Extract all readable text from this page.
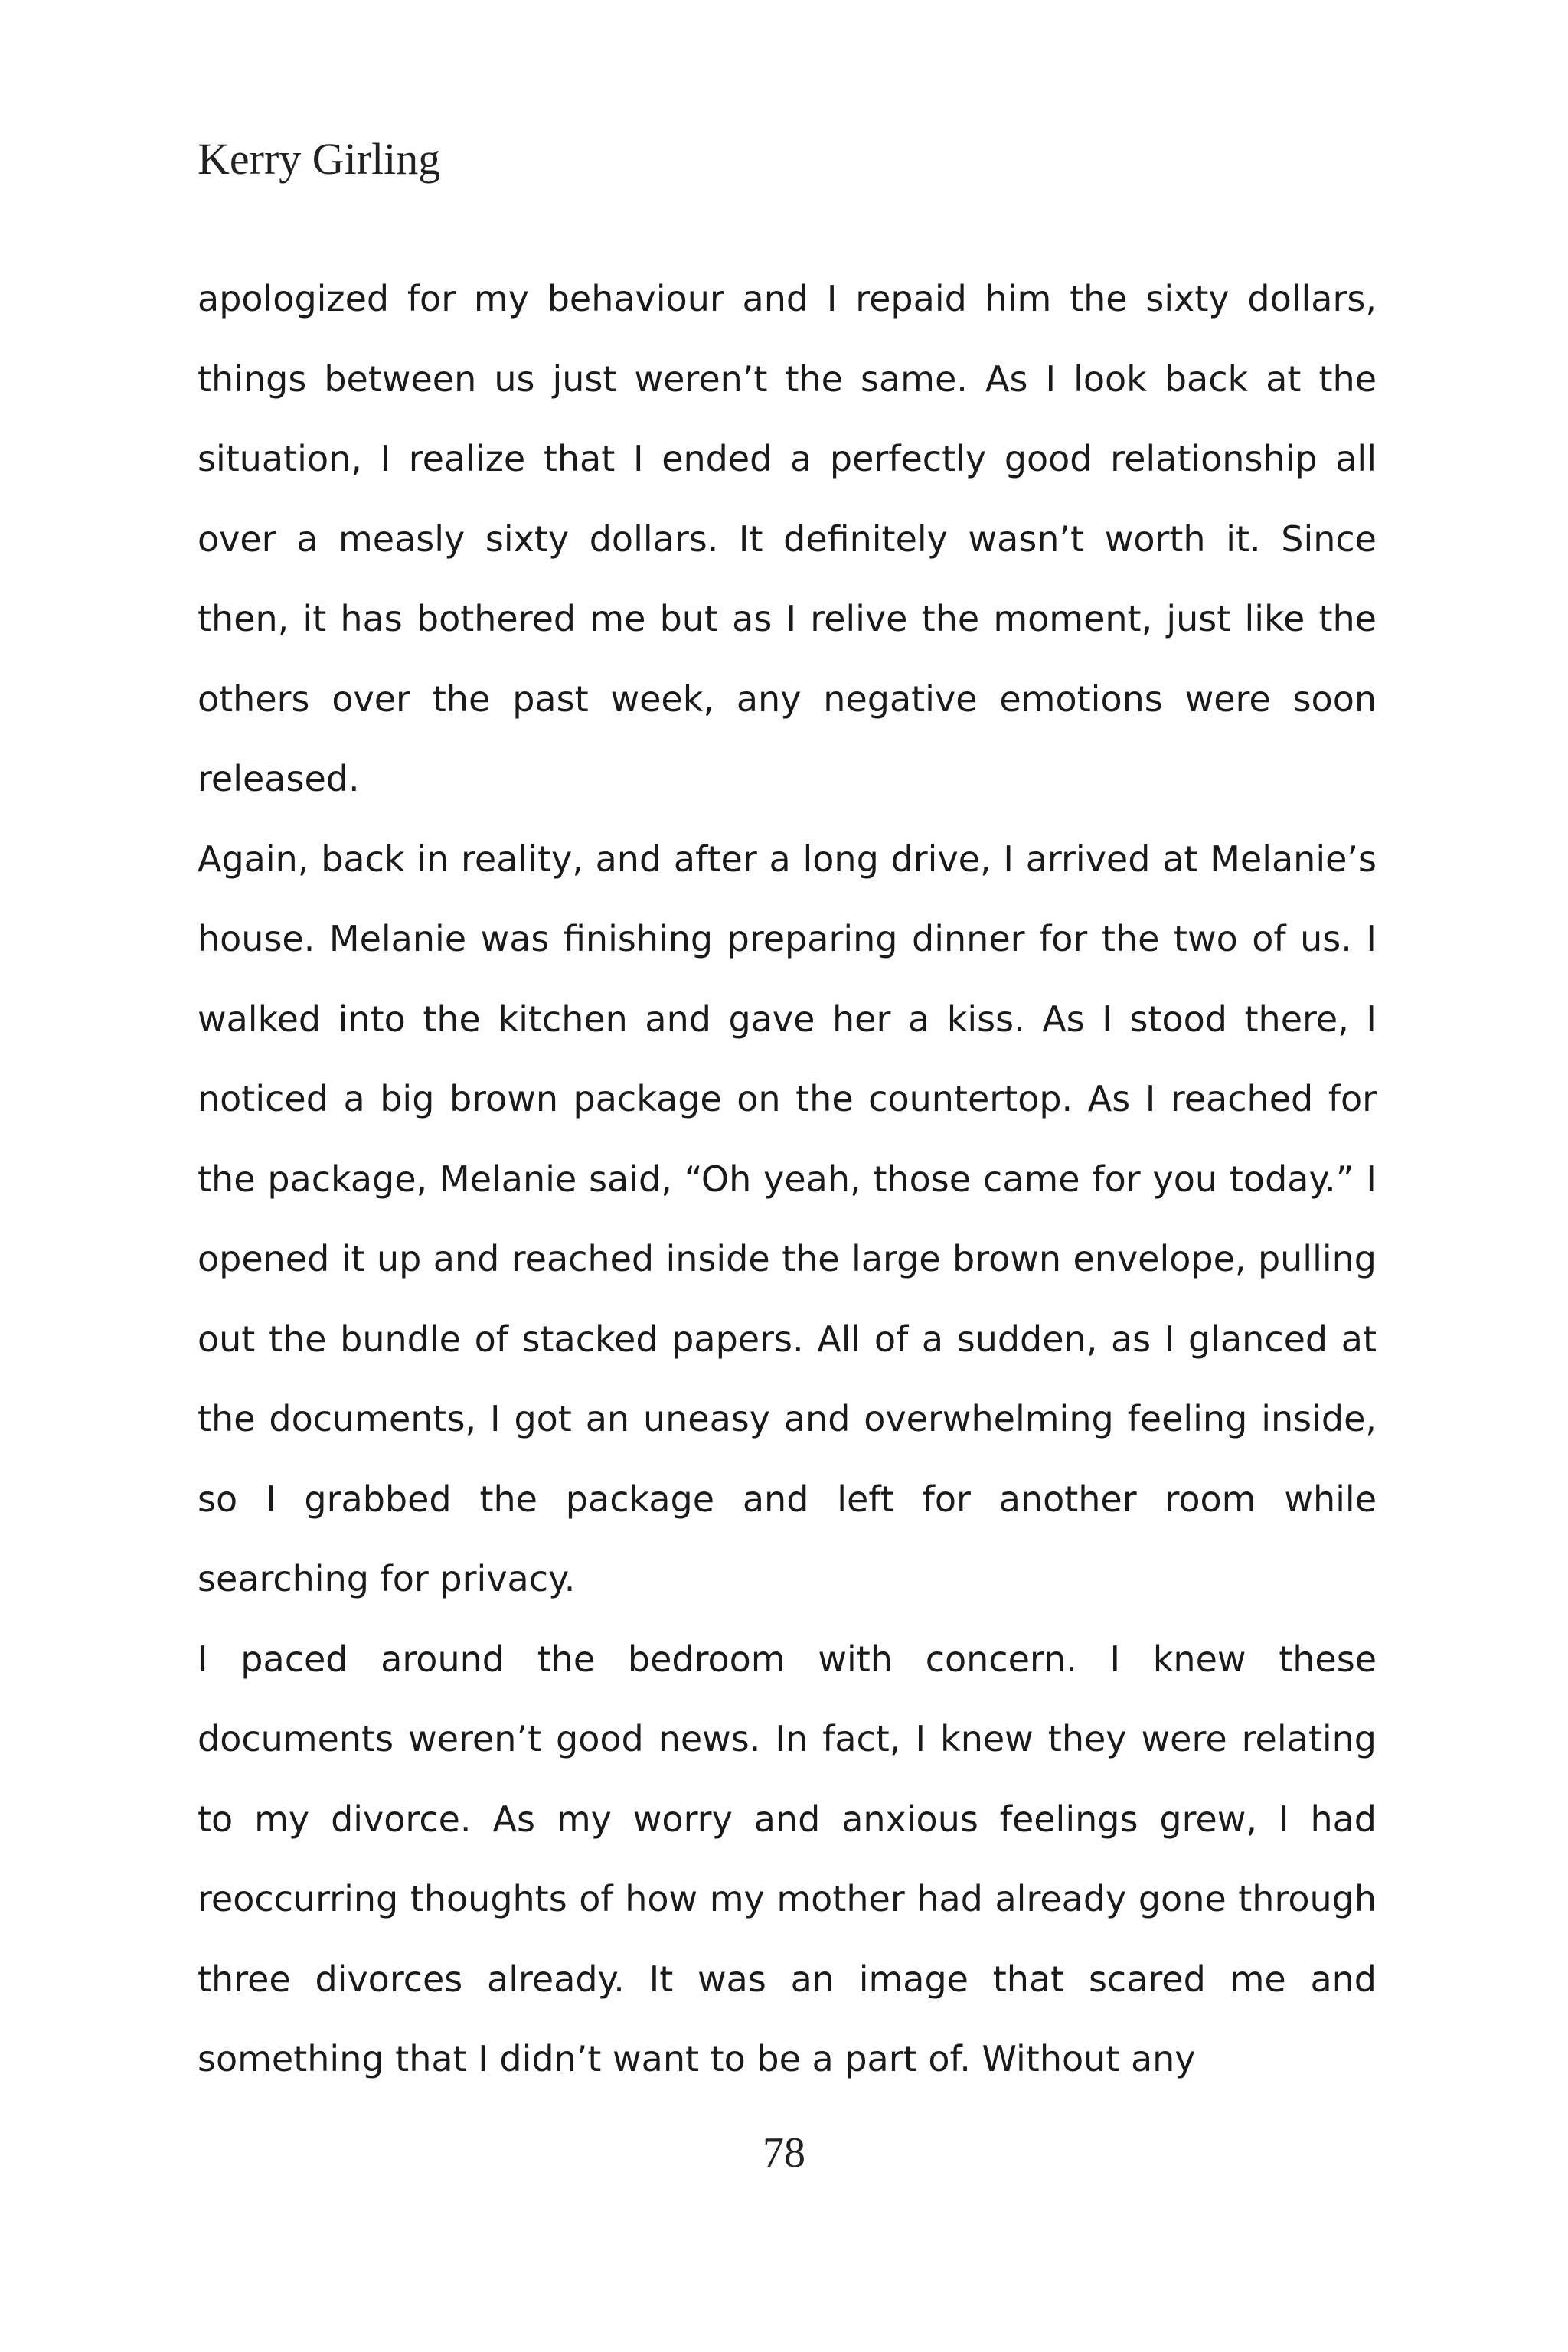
Kerry Girling

apologized for my behaviour and I repaid him the sixty dollars, things between us just weren’t the same. As I look back at the situation, I realize that I ended a perfectly good relationship all over a measly sixty dollars. It definitely wasn’t worth it. Since then, it has bothered me but as I relive the moment, just like the others over the past week, any negative emotions were soon released.

Again, back in reality, and after a long drive, I arrived at Melanie’s house. Melanie was finishing preparing dinner for the two of us. I walked into the kitchen and gave her a kiss. As I stood there, I noticed a big brown package on the countertop. As I reached for the package, Melanie said, “Oh yeah, those came for you today.” I opened it up and reached inside the large brown envelope, pulling out the bundle of stacked papers. All of a sudden, as I glanced at the documents, I got an uneasy and overwhelming feeling inside, so I grabbed the package and left for another room while searching for privacy.

I paced around the bedroom with concern. I knew these documents weren’t good news. In fact, I knew they were relating to my divorce. As my worry and anxious feelings grew, I had reoccurring thoughts of how my mother had already gone through three divorces already. It was an image that scared me and something that I didn’t want to be a part of. Without any

78
